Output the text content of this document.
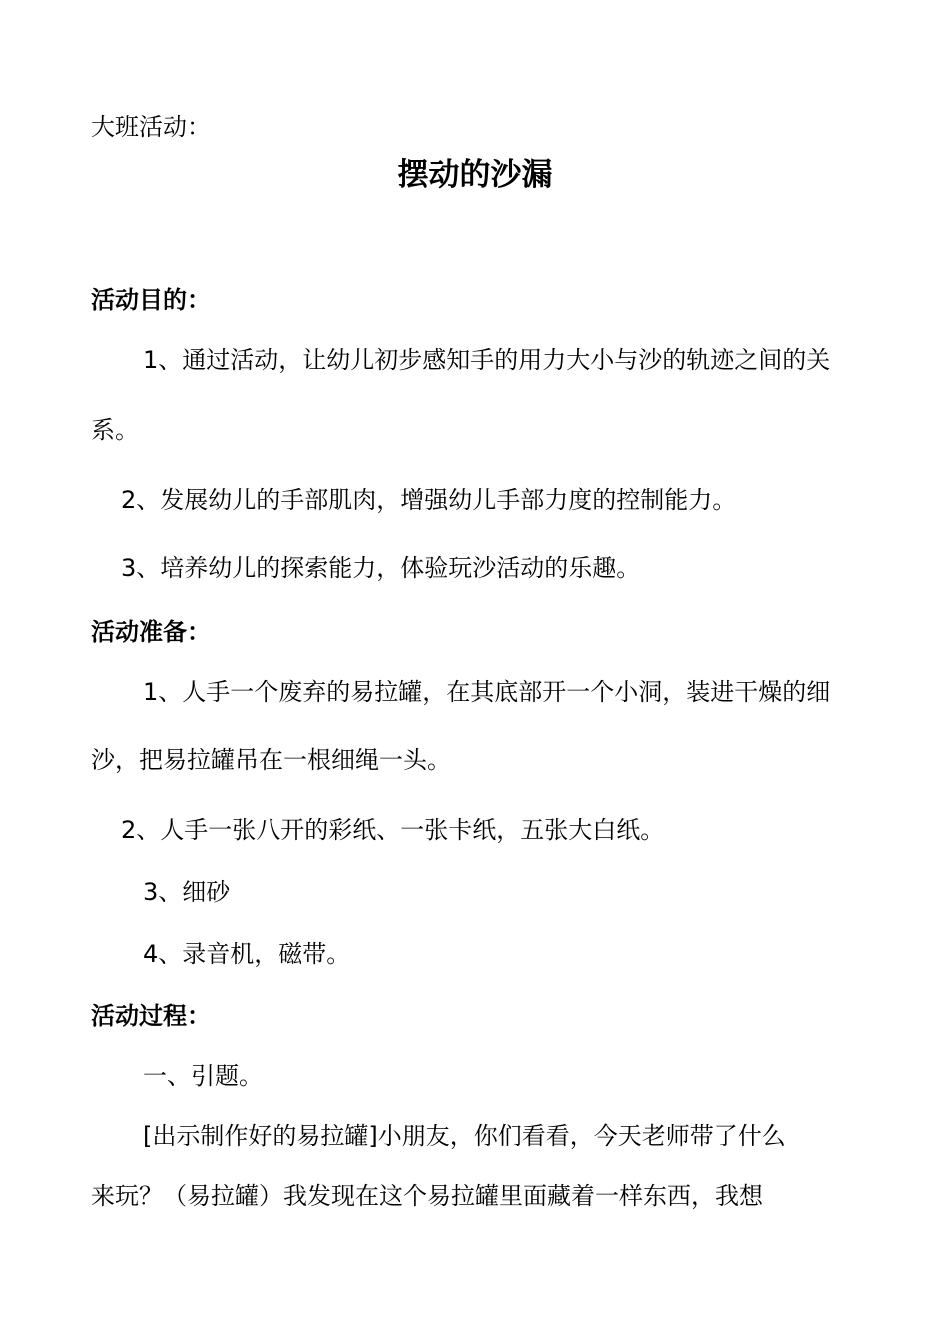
大班活动：

摆动的沙漏

活动目的：

1、通过活动，让幼儿初步感知手的用力大小与沙的轨迹之间的关

系。

2、发展幼儿的手部肌肉，增强幼儿手部力度的控制能力。

3、培养幼儿的探索能力，体验玩沙活动的乐趣。

活动准备：

1、人手一个废弃的易拉罐，在其底部开一个小洞，装进干燥的细

沙，把易拉罐吊在一根细绳一头。

2、人手一张八开的彩纸、一张卡纸，五张大白纸。

3、细砂

4、录音机，磁带。

活动过程：

一、引题。

[出示制作好的易拉罐]小朋友，你们看看，今天老师带了什么

来玩？（易拉罐）我发现在这个易拉罐里面藏着一样东西，我想
